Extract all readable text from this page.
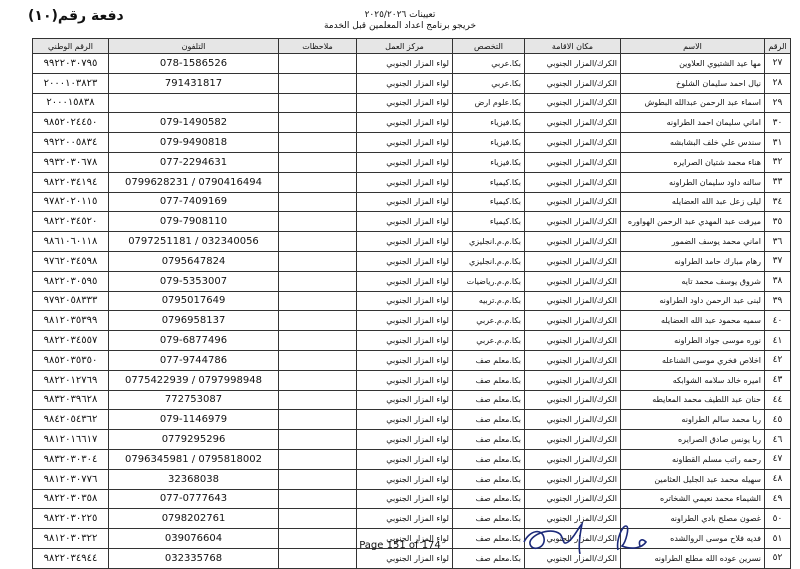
دفعة رقم(١٠)	تعيينات ٢٠٢٥/٢٠٢٦
خريجو برنامج اعداد المعلمين قبل الخدمة
الرقم	الاسم	مكان الاقامة	التخصص	مركز العمل	ملاحظات	التلفون	الرقم الوطني
٢٧	مها عيد الشتيوي العلاوين	الكرك/المزار الجنوبي	بكا.عربي	لواء المزار الجنوبي		078-1586526	٩٩٢٢٠٣٠٧٩٥
٢٨	نيال احمد سليمان الشلوخ	الكرك/المزار الجنوبي	بكا.عربي	لواء المزار الجنوبي		791431817	٢٠٠٠١٠٣٨٢٣
٢٩	اسماء عبد الرحمن عبدالله البطوش	الكرك/المزار الجنوبي	بكا.علوم ارض	لواء المزار الجنوبي			٢٠٠٠١٥٨٣٨
٣٠	اماني سليمان احمد الطراونه	الكرك/المزار الجنوبي	بكا.فيزياء	لواء المزار الجنوبي		079-1490582	٩٨٥٢٠٢٤٤٥٠
٣١	سندس علي خلف البشابشه	الكرك/المزار الجنوبي	بكا.فيزياء	لواء المزار الجنوبي		079-9490818	٩٩٢٢٠٠٥٨٣٤
٣٢	هناء محمد شتيان الصرايره	الكرك/المزار الجنوبي	بكا.فيزياء	لواء المزار الجنوبي		077-2294631	٩٩٣٢٠٣٠٦٧٨
٣٣	سالنه داود سليمان الطراونه	الكرك/المزار الجنوبي	بكا.كيمياء	لواء المزار الجنوبي		0799628231 / 0790416494	٩٨٢٢٠٣٤١٩٤
٣٤	ليلى زعل عبد الله العضايله	الكرك/المزار الجنوبي	بكا.كيمياء	لواء المزار الجنوبي		077-7409169	٩٧٨٢٠٢٠١١٥
٣٥	ميرفت عبد المهدي عبد الرحمن الهواوره	الكرك/المزار الجنوبي	بكا.كيمياء	لواء المزار الجنوبي		079-7908110	٩٨٢٢٠٣٤٥٢٠
٣٦	اماني محمد يوسف الضمور	الكرك/المزار الجنوبي	بكا.م.م.انجليزي	لواء المزار الجنوبي		0797251181 / 032340056	٩٨٦١٠٦٠١١٨
٣٧	رهام مبارك حامد الطراونه	الكرك/المزار الجنوبي	بكا.م.م.انجليزي	لواء المزار الجنوبي		0795647824	٩٧٦٢٠٣٤٥٩٨
٣٨	شروق يوسف محمد تايه	الكرك/المزار الجنوبي	بكا.م.م.رياضيات	لواء المزار الجنوبي		079-5353007	٩٨٢٢٠٣٠٥٩٥
٣٩	لبنى عبد الرحمن داود الطراونه	الكرك/المزار الجنوبي	بكا.م.م.تربيه	لواء المزار الجنوبي		0795017649	٩٧٩٢٠٥٨٣٣٣
٤٠	سميه محمود عبد الله العضايله	الكرك/المزار الجنوبي	بكا.م.م.عربي	لواء المزار الجنوبي		0796958137	٩٨١٢٠٣٥٣٩٩
٤١	نوره موسى جواد الطراونه	الكرك/المزار الجنوبي	بكا.م.م.عربي	لواء المزار الجنوبي		079-6877496	٩٨٢٢٠٣٤٥٥٧
٤٢	اخلاص فخري موسى الشناعله	الكرك/المزار الجنوبي	بكا.معلم صف	لواء المزار الجنوبي		077-9744786	٩٨٥٢٠٣٥٣٥٠
٤٣	اميره خالد سلامه الشوابكه	الكرك/المزار الجنوبي	بكا.معلم صف	لواء المزار الجنوبي		0775422939 / 0797998948	٩٨٢٢٠١٢٧٦٩
٤٤	حنان عبد اللطيف محمد المعايطه	الكرك/المزار الجنوبي	بكا.معلم صف	لواء المزار الجنوبي		772753087	٩٨٣٢٠٣٩٦٢٨
٤٥	ربا محمد سالم الطراونه	الكرك/المزار الجنوبي	بكا.معلم صف	لواء المزار الجنوبي		079-1146979	٩٨٤٢٠٥٤٣٦٢
٤٦	ربا يونس صادق الصرايره	الكرك/المزار الجنوبي	بكا.معلم صف	لواء المزار الجنوبي		0779295296	٩٨١٢٠١٦٦١٧
٤٧	رحمه راتب مسلم القطاونه	الكرك/المزار الجنوبي	بكا.معلم صف	لواء المزار الجنوبي		0796345981 / 0795818002	٩٨٣٢٠٣٠٣٠٤
٤٨	سهيله محمد عبد الجليل العثامين	الكرك/المزار الجنوبي	بكا.معلم صف	لواء المزار الجنوبي		32368038	٩٨١٢٠٣٠٧٧٦
٤٩	الشيماء محمد نعيمي الشخاتره	الكرك/المزار الجنوبي	بكا.معلم صف	لواء المزار الجنوبي		077-0777643	٩٨٢٢٠٣٠٣٥٨
٥٠	غصون مصلح بادي الطراونه	الكرك/المزار الجنوبي	بكا.معلم صف	لواء المزار الجنوبي		0798202761	٩٨٢٢٠٣٠٢٢٥
٥١	فديه فلاح موسى الروالشده	الكرك/المزار الجنوبي	بكا.معلم صف	لواء المزار الجنوبي		039076604	٩٨١٢٠٣٠٣٢٢
٥٢	نسرين عوده الله مطلع الطراونه	الكرك/المزار الجنوبي	بكا.معلم صف	لواء المزار الجنوبي		032335768	٩٨٢٢٠٣٤٩٤٤
Page 151 of 174
